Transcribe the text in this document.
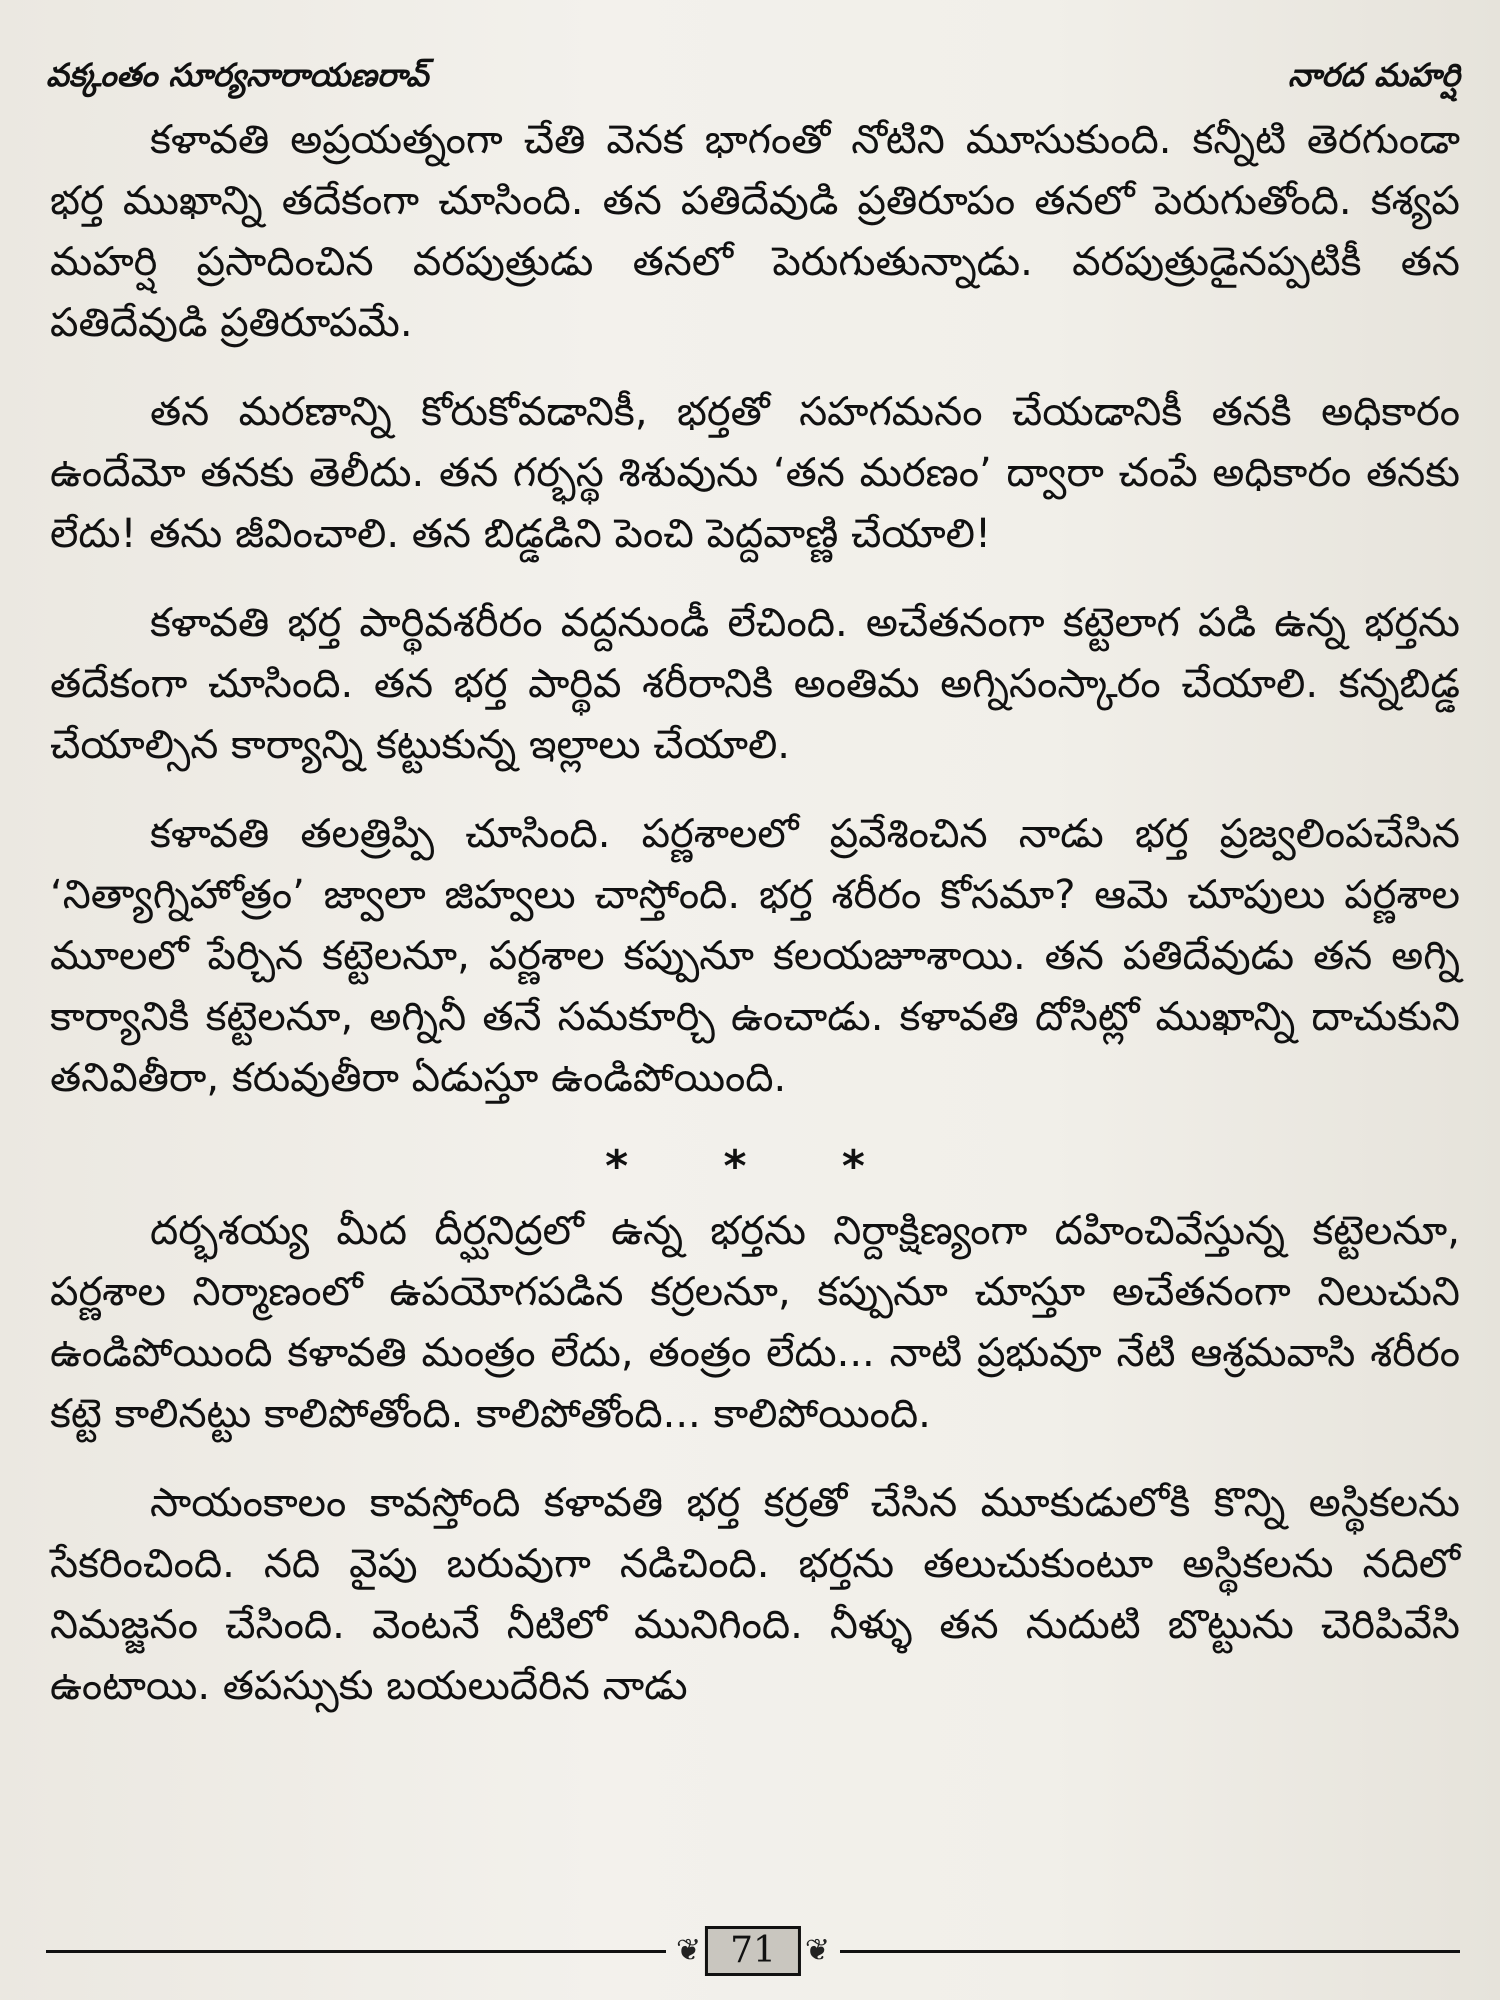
వక్కంతం సూర్యనారాయణరావ్	నారద మహర్షి

కళావతి అప్రయత్నంగా చేతి వెనక భాగంతో నోటిని మూసుకుంది. కన్నీటి తెరగుండా భర్త ముఖాన్ని తదేకంగా చూసింది. తన పతిదేవుడి ప్రతిరూపం తనలో పెరుగుతోంది. కశ్యప మహర్షి ప్రసాదించిన వరపుత్రుడు తనలో పెరుగుతున్నాడు. వరపుత్రుడైనప్పటికీ తన పతిదేవుడి ప్రతిరూపమే.

తన మరణాన్ని కోరుకోవడానికీ, భర్తతో సహగమనం చేయడానికీ తనకి అధికారం ఉందేమో తనకు తెలీదు. తన గర్భస్థ శిశువును ‘తన మరణం’ ద్వారా చంపే అధికారం తనకు లేదు! తను జీవించాలి. తన బిడ్డడిని పెంచి పెద్దవాణ్ణి చేయాలి!

కళావతి భర్త పార్థివశరీరం వద్దనుండీ లేచింది. అచేతనంగా కట్టెలాగ పడి ఉన్న భర్తను తదేకంగా చూసింది. తన భర్త పార్థివ శరీరానికి అంతిమ అగ్నిసంస్కారం చేయాలి. కన్నబిడ్డ చేయాల్సిన కార్యాన్ని కట్టుకున్న ఇల్లాలు చేయాలి.

కళావతి తలత్రిప్పి చూసింది. పర్ణశాలలో ప్రవేశించిన నాడు భర్త ప్రజ్వలింపచేసిన ‘నిత్యాగ్నిహోత్రం’ జ్వాలా జిహ్వలు చాస్తోంది. భర్త శరీరం కోసమా? ఆమె చూపులు పర్ణశాల మూలలో పేర్చిన కట్టెలనూ, పర్ణశాల కప్పునూ కలయజూశాయి. తన పతిదేవుడు తన అగ్ని కార్యానికి కట్టెలనూ, అగ్నినీ తనే సమకూర్చి ఉంచాడు. కళావతి దోసిట్లో ముఖాన్ని దాచుకుని తనివితీరా, కరువుతీరా ఏడుస్తూ ఉండిపోయింది.

* * *

దర్భశయ్య మీద దీర్ఘనిద్రలో ఉన్న భర్తను నిర్దాక్షిణ్యంగా దహించివేస్తున్న కట్టెలనూ, పర్ణశాల నిర్మాణంలో ఉపయోగపడిన కర్రలనూ, కప్పునూ చూస్తూ అచేతనంగా నిలుచుని ఉండిపోయింది కళావతి మంత్రం లేదు, తంత్రం లేదు... నాటి ప్రభువూ నేటి ఆశ్రమవాసి శరీరం కట్టె కాలినట్టు కాలిపోతోంది. కాలిపోతోంది... కాలిపోయింది.

సాయంకాలం కావస్తోంది కళావతి భర్త కర్రతో చేసిన మూకుడులోకి కొన్ని అస్థికలను సేకరించింది. నది వైపు బరువుగా నడిచింది. భర్తను తలుచుకుంటూ అస్థికలను నదిలో నిమజ్జనం చేసింది. వెంటనే నీటిలో మునిగింది. నీళ్ళు తన నుదుటి బొట్టును చెరిపివేసి ఉంటాయి. తపస్సుకు బయలుదేరిన నాడు

❦ 71 ❦
